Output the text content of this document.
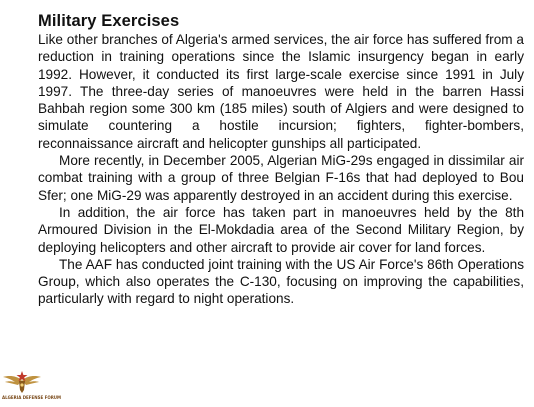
Military Exercises

Like other branches of Algeria's armed services, the air force has suffered from a reduction in training operations since the Islamic insurgency began in early 1992. However, it conducted its first large-scale exercise since 1991 in July 1997. The three-day series of manoeuvres were held in the barren Hassi Bahbah region some 300 km (185 miles) south of Algiers and were designed to simulate countering a hostile incursion; fighters, fighter-bombers, reconnaissance aircraft and helicopter gunships all participated.

More recently, in December 2005, Algerian MiG-29s engaged in dissimilar air combat training with a group of three Belgian F-16s that had deployed to Bou Sfer; one MiG-29 was apparently destroyed in an accident during this exercise.

In addition, the air force has taken part in manoeuvres held by the 8th Armoured Division in the El-Mokdadia area of the Second Military Region, by deploying helicopters and other aircraft to provide air cover for land forces.

The AAF has conducted joint training with the US Air Force's 86th Operations Group, which also operates the C-130, focusing on improving the capabilities, particularly with regard to night operations.

ALGERIA DEFENSE FORUM
